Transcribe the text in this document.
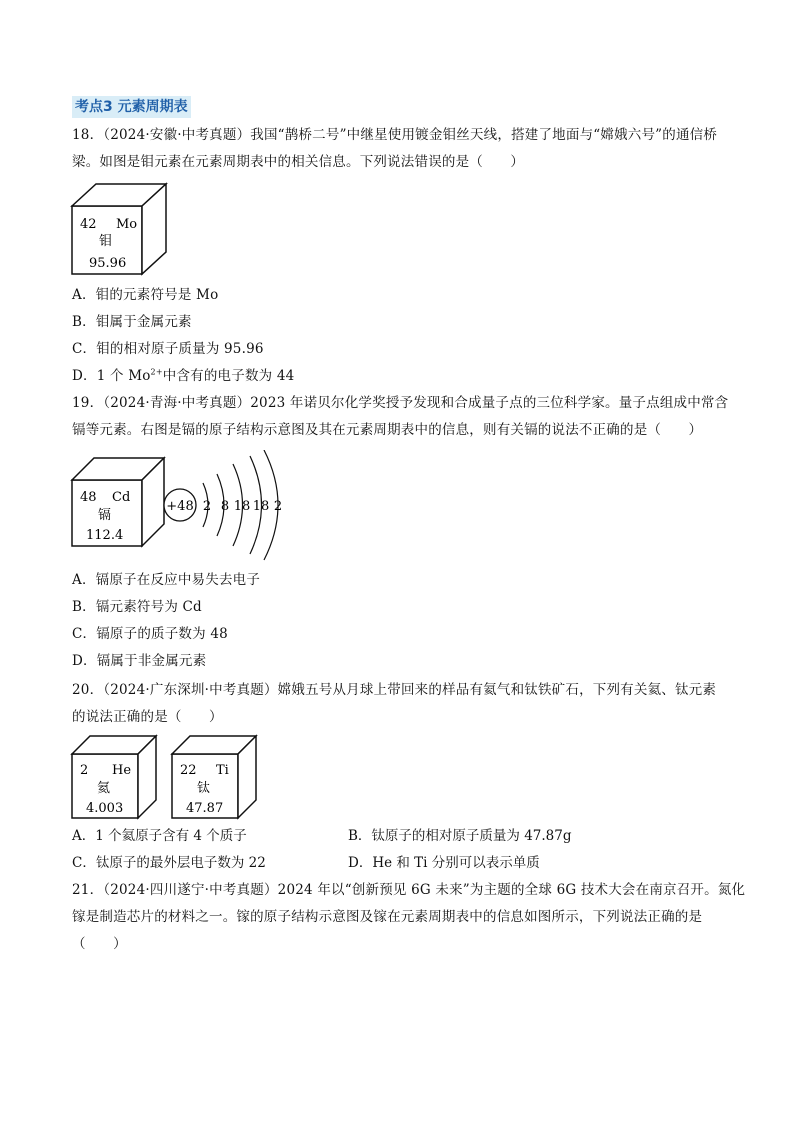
考点3 元素周期表
18．（2024·安徽·中考真题）我国“鹊桥二号”中继星使用镀金钼丝天线，搭建了地面与“嫦娥六号”的通信桥
梁。如图是钼元素在元素周期表中的相关信息。下列说法错误的是（　　）
42 Mo
钼
95.96
A．钼的元素符号是 Mo
B．钼属于金属元素
C．钼的相对原子质量为 95.96
D．1 个 $Mo^{2+}$中含有的电子数为 44
19．（2024·青海·中考真题）2023 年诺贝尔化学奖授予发现和合成量子点的三位科学家。量子点组成中常含
镉等元素。右图是镉的原子结构示意图及其在元素周期表中的信息，则有关镉的说法不正确的是（　　）
48 Cd
镉
112.4
+48 2 8 18 18 2
A．镉原子在反应中易失去电子
B．镉元素符号为 Cd
C．镉原子的质子数为 48
D．镉属于非金属元素
20．（2024·广东深圳·中考真题）嫦娥五号从月球上带回来的样品有氦气和钛铁矿石，下列有关氦、钛元素
的说法正确的是（　　）
2 He
氦
4.003
22 Ti
钛
47.87
A．1 个氦原子含有 4 个质子	B．钛原子的相对原子质量为 47.87g
C．钛原子的最外层电子数为 22	D．He 和 Ti 分别可以表示单质
21．（2024·四川遂宁·中考真题）2024 年以“创新预见 6G 未来”为主题的全球 6G 技术大会在南京召开。氮化
镓是制造芯片的材料之一。镓的原子结构示意图及镓在元素周期表中的信息如图所示，下列说法正确的是
（　　）
